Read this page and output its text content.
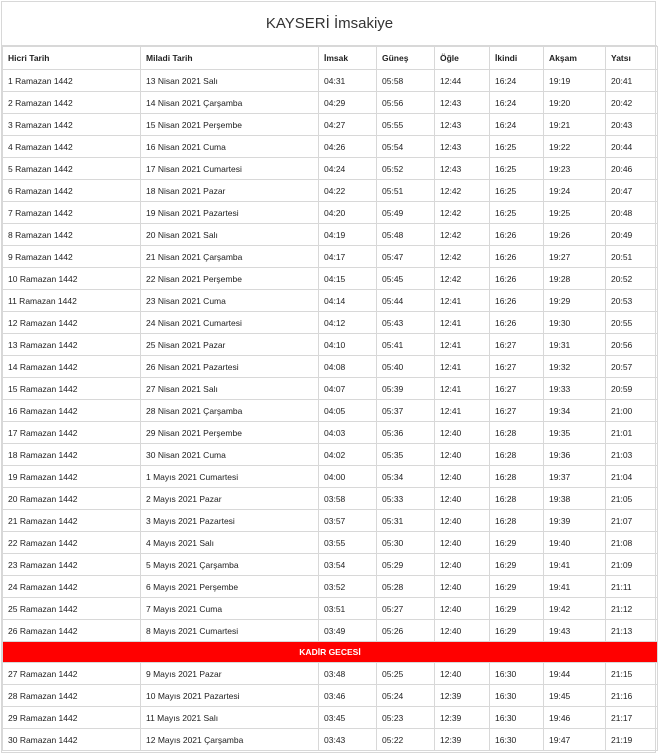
KAYSERİ İmsakiye
Hicri Tarih	Miladi Tarih	İmsak	Güneş	Öğle	İkindi	Akşam	Yatsı
1 Ramazan 1442	13 Nisan 2021 Salı	04:31	05:58	12:44	16:24	19:19	20:41
2 Ramazan 1442	14 Nisan 2021 Çarşamba	04:29	05:56	12:43	16:24	19:20	20:42
3 Ramazan 1442	15 Nisan 2021 Perşembe	04:27	05:55	12:43	16:24	19:21	20:43
4 Ramazan 1442	16 Nisan 2021 Cuma	04:26	05:54	12:43	16:25	19:22	20:44
5 Ramazan 1442	17 Nisan 2021 Cumartesi	04:24	05:52	12:43	16:25	19:23	20:46
6 Ramazan 1442	18 Nisan 2021 Pazar	04:22	05:51	12:42	16:25	19:24	20:47
7 Ramazan 1442	19 Nisan 2021 Pazartesi	04:20	05:49	12:42	16:25	19:25	20:48
8 Ramazan 1442	20 Nisan 2021 Salı	04:19	05:48	12:42	16:26	19:26	20:49
9 Ramazan 1442	21 Nisan 2021 Çarşamba	04:17	05:47	12:42	16:26	19:27	20:51
10 Ramazan 1442	22 Nisan 2021 Perşembe	04:15	05:45	12:42	16:26	19:28	20:52
11 Ramazan 1442	23 Nisan 2021 Cuma	04:14	05:44	12:41	16:26	19:29	20:53
12 Ramazan 1442	24 Nisan 2021 Cumartesi	04:12	05:43	12:41	16:26	19:30	20:55
13 Ramazan 1442	25 Nisan 2021 Pazar	04:10	05:41	12:41	16:27	19:31	20:56
14 Ramazan 1442	26 Nisan 2021 Pazartesi	04:08	05:40	12:41	16:27	19:32	20:57
15 Ramazan 1442	27 Nisan 2021 Salı	04:07	05:39	12:41	16:27	19:33	20:59
16 Ramazan 1442	28 Nisan 2021 Çarşamba	04:05	05:37	12:41	16:27	19:34	21:00
17 Ramazan 1442	29 Nisan 2021 Perşembe	04:03	05:36	12:40	16:28	19:35	21:01
18 Ramazan 1442	30 Nisan 2021 Cuma	04:02	05:35	12:40	16:28	19:36	21:03
19 Ramazan 1442	1 Mayıs 2021 Cumartesi	04:00	05:34	12:40	16:28	19:37	21:04
20 Ramazan 1442	2 Mayıs 2021 Pazar	03:58	05:33	12:40	16:28	19:38	21:05
21 Ramazan 1442	3 Mayıs 2021 Pazartesi	03:57	05:31	12:40	16:28	19:39	21:07
22 Ramazan 1442	4 Mayıs 2021 Salı	03:55	05:30	12:40	16:29	19:40	21:08
23 Ramazan 1442	5 Mayıs 2021 Çarşamba	03:54	05:29	12:40	16:29	19:41	21:09
24 Ramazan 1442	6 Mayıs 2021 Perşembe	03:52	05:28	12:40	16:29	19:41	21:11
25 Ramazan 1442	7 Mayıs 2021 Cuma	03:51	05:27	12:40	16:29	19:42	21:12
26 Ramazan 1442	8 Mayıs 2021 Cumartesi	03:49	05:26	12:40	16:29	19:43	21:13
KADİR GECESİ							
27 Ramazan 1442	9 Mayıs 2021 Pazar	03:48	05:25	12:40	16:30	19:44	21:15
28 Ramazan 1442	10 Mayıs 2021 Pazartesi	03:46	05:24	12:39	16:30	19:45	21:16
29 Ramazan 1442	11 Mayıs 2021 Salı	03:45	05:23	12:39	16:30	19:46	21:17
30 Ramazan 1442	12 Mayıs 2021 Çarşamba	03:43	05:22	12:39	16:30	19:47	21:19
